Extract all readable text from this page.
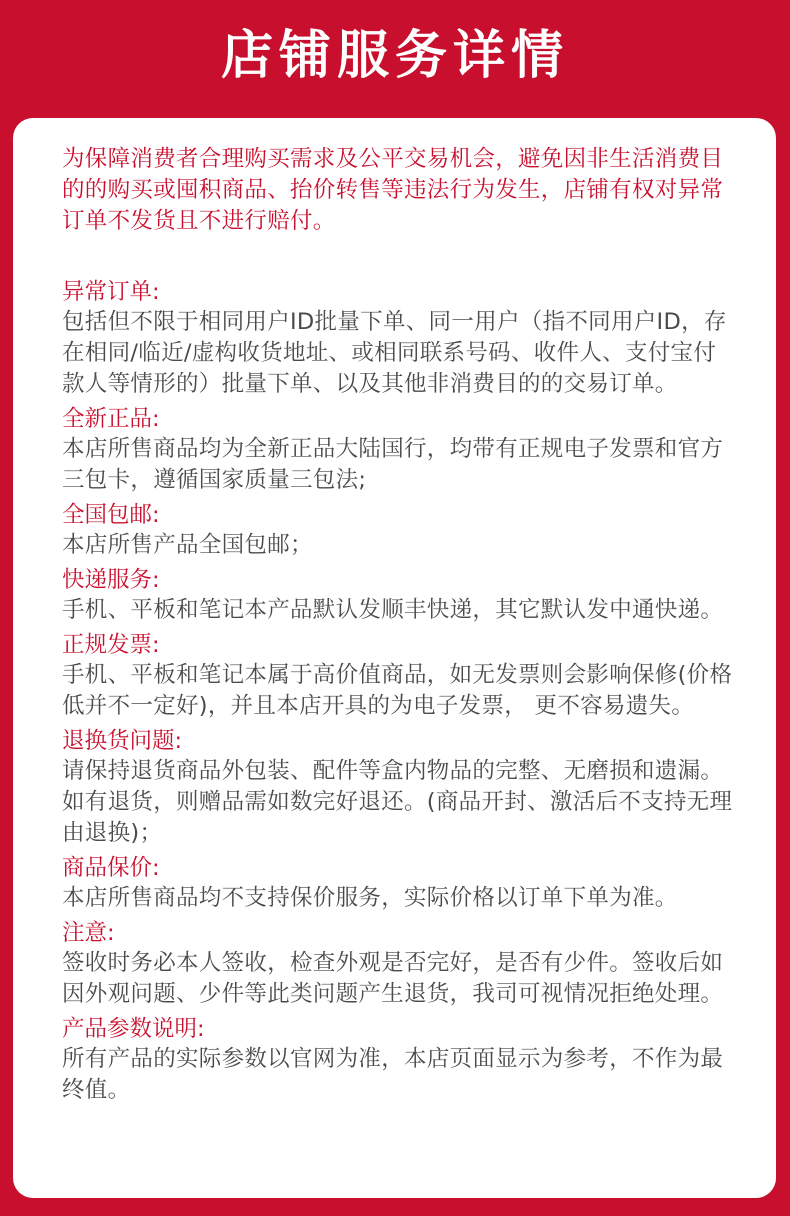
店铺服务详情

为保障消费者合理购买需求及公平交易机会，避免因非生活消费目的的购买或囤积商品、抬价转售等违法行为发生，店铺有权对异常订单不发货且不进行赔付。

异常订单:

包括但不限于相同用户ID批量下单、同一用户（指不同用户ID，存在相同/临近/虚构收货地址、或相同联系号码、收件人、支付宝付款人等情形的）批量下单、以及其他非消费目的的交易订单。

全新正品:

本店所售商品均为全新正品大陆国行，均带有正规电子发票和官方三包卡，遵循国家质量三包法;

全国包邮:

本店所售产品全国包邮；

快递服务:

手机、平板和笔记本产品默认发顺丰快递，其它默认发中通快递。

正规发票:

手机、平板和笔记本属于高价值商品，如无发票则会影响保修(价格低并不一定好)，并且本店开具的为电子发票， 更不容易遗失。

退换货问题:

请保持退货商品外包装、配件等盒内物品的完整、无磨损和遗漏。如有退货，则赠品需如数完好退还。(商品开封、激活后不支持无理由退换)；

商品保价:

本店所售商品均不支持保价服务，实际价格以订单下单为准。

注意:

签收时务必本人签收，检查外观是否完好，是否有少件。签收后如因外观问题、少件等此类问题产生退货，我司可视情况拒绝处理。

产品参数说明:

所有产品的实际参数以官网为准，本店页面显示为参考，不作为最终值。
